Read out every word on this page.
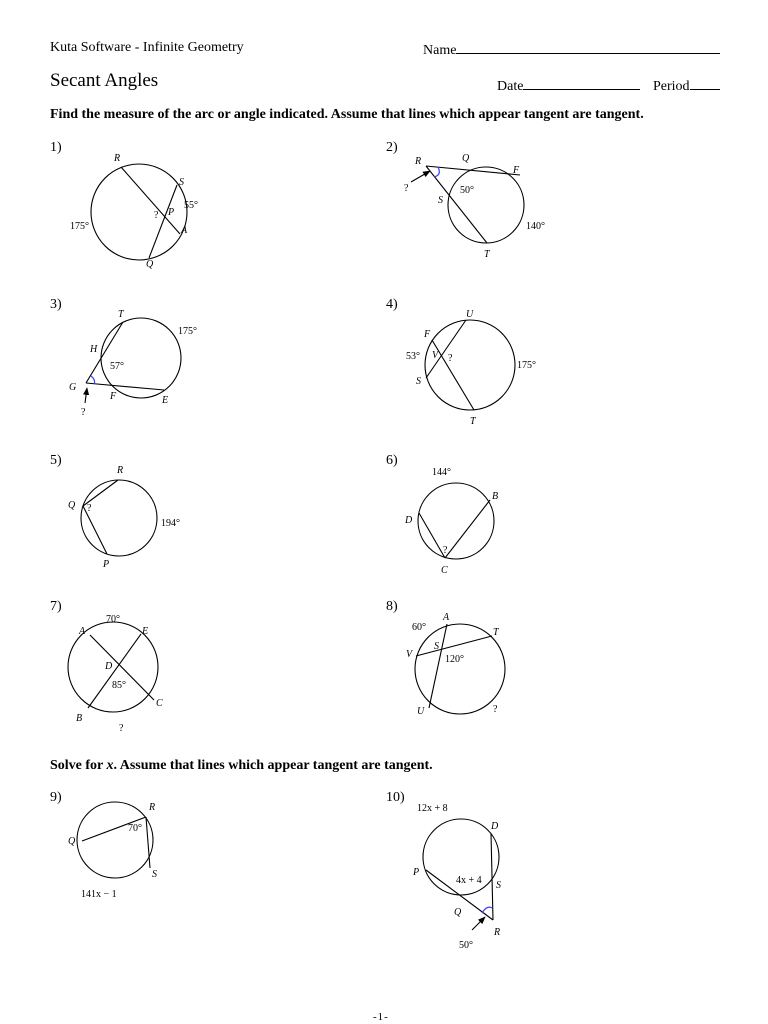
Kuta Software - Infinite Geometry	Name
Secant Angles	Date	Period
Find the measure of the arc or angle indicated. Assume that lines which appear tangent are tangent.
Solve for x. Assume that lines which appear tangent are tangent.
1)	2)
3)	4)
5)	6)
7)	8)
9)	10)
R
S
55°
? P
A
175°
Q
R	Q
F
?	50°
S
140°
T
T
175°
H
57°
G
F	E
?
U
F
53° V ?
175°
S
T
R
Q ?
194°
P
144°
B
D
?
C
70°
A	E
D
85°
C
B
?
A
60°	T
S
V	120°
U	?
R
70°
Q
S
141x − 1
12x + 8
D
P
4x + 4 S
Q
R
50°
-1-
